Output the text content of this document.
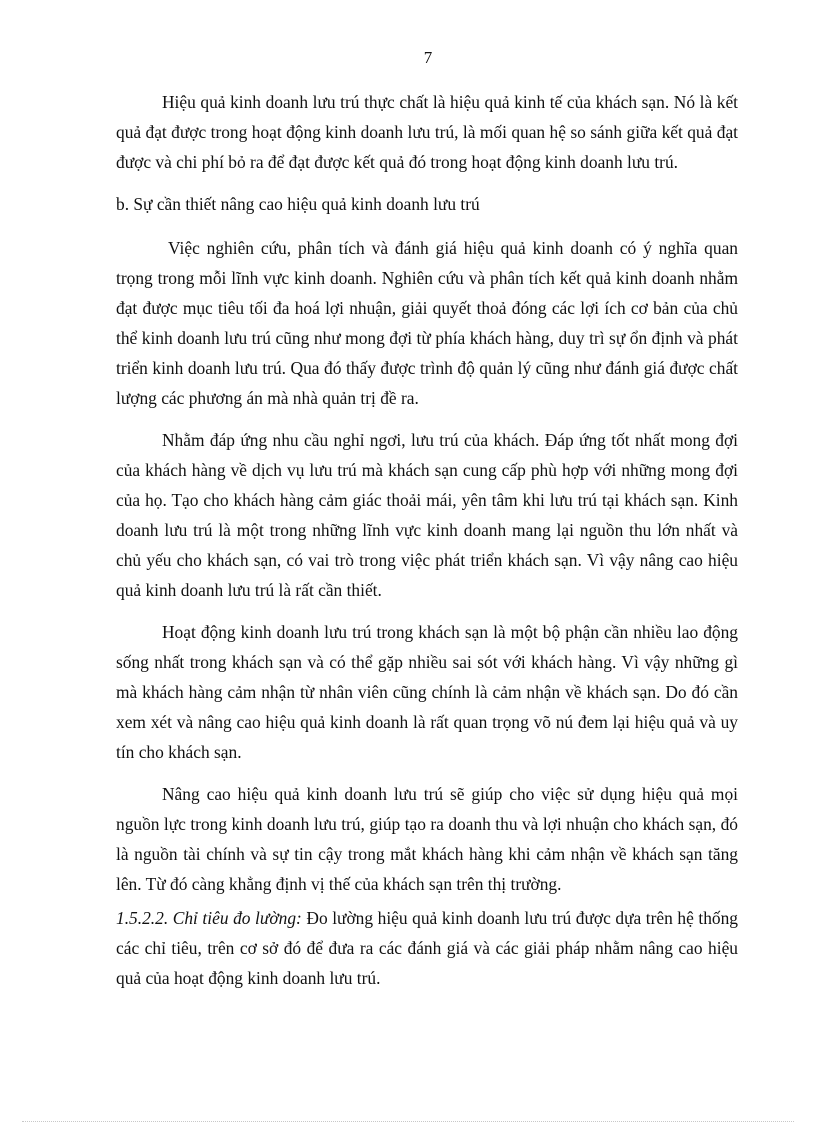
7

Hiệu quả kinh doanh lưu trú thực chất là hiệu quả kinh tế của khách sạn. Nó là kết quả đạt được trong hoạt động kinh doanh lưu trú, là mối quan hệ so sánh giữa kết quả đạt được và chi phí bỏ ra để đạt được kết quả đó trong hoạt động kinh doanh lưu trú.

b. Sự cần thiết nâng cao hiệu quả kinh doanh lưu trú

Việc nghiên cứu, phân tích và đánh giá hiệu quả kinh doanh có ý nghĩa quan trọng trong mỗi lĩnh vực kinh doanh. Nghiên cứu và phân tích kết quả kinh doanh nhằm đạt được mục tiêu tối đa hoá lợi nhuận, giải quyết thoả đóng các lợi ích cơ bản của chủ thể kinh doanh lưu trú cũng như mong đợi từ phía khách hàng, duy trì sự ổn định và phát triển kinh doanh lưu trú. Qua đó thấy được trình độ quản lý cũng như đánh giá được chất lượng các phương án mà nhà quản trị đề ra.

Nhằm đáp ứng nhu cầu nghỉ ngơi, lưu trú của khách. Đáp ứng tốt nhất mong đợi của khách hàng về dịch vụ lưu trú mà khách sạn cung cấp phù hợp với những mong đợi của họ. Tạo cho khách hàng cảm giác thoải mái, yên tâm khi lưu trú tại khách sạn. Kinh doanh lưu trú là một trong những lĩnh vực kinh doanh mang lại nguồn thu lớn nhất và chủ yếu cho khách sạn, có vai trò trong việc phát triển khách sạn. Vì vậy nâng cao hiệu quả kinh doanh lưu trú là rất cần thiết.

Hoạt động kinh doanh lưu trú trong khách sạn là một bộ phận cần nhiều lao động sống nhất trong khách sạn và có thể gặp nhiều sai sót với khách hàng. Vì vậy những gì mà khách hàng cảm nhận từ nhân viên cũng chính là cảm nhận về khách sạn. Do đó cần xem xét và nâng cao hiệu quả kinh doanh là rất quan trọng võ nú đem lại hiệu quả và uy tín cho khách sạn.

Nâng cao hiệu quả kinh doanh lưu trú sẽ giúp cho việc sử dụng hiệu quả mọi nguồn lực trong kinh doanh lưu trú, giúp tạo ra doanh thu và lợi nhuận cho khách sạn, đó là nguồn tài chính và sự tin cậy trong mắt khách hàng khi cảm nhận về khách sạn tăng lên. Từ đó càng khẳng định vị thế của khách sạn trên thị trường.

1.5.2.2. Chỉ tiêu đo lường: Đo lường hiệu quả kinh doanh lưu trú được dựa trên hệ thống các chỉ tiêu, trên cơ sở đó để đưa ra các đánh giá và các giải pháp nhằm nâng cao hiệu quả của hoạt động kinh doanh lưu trú.
